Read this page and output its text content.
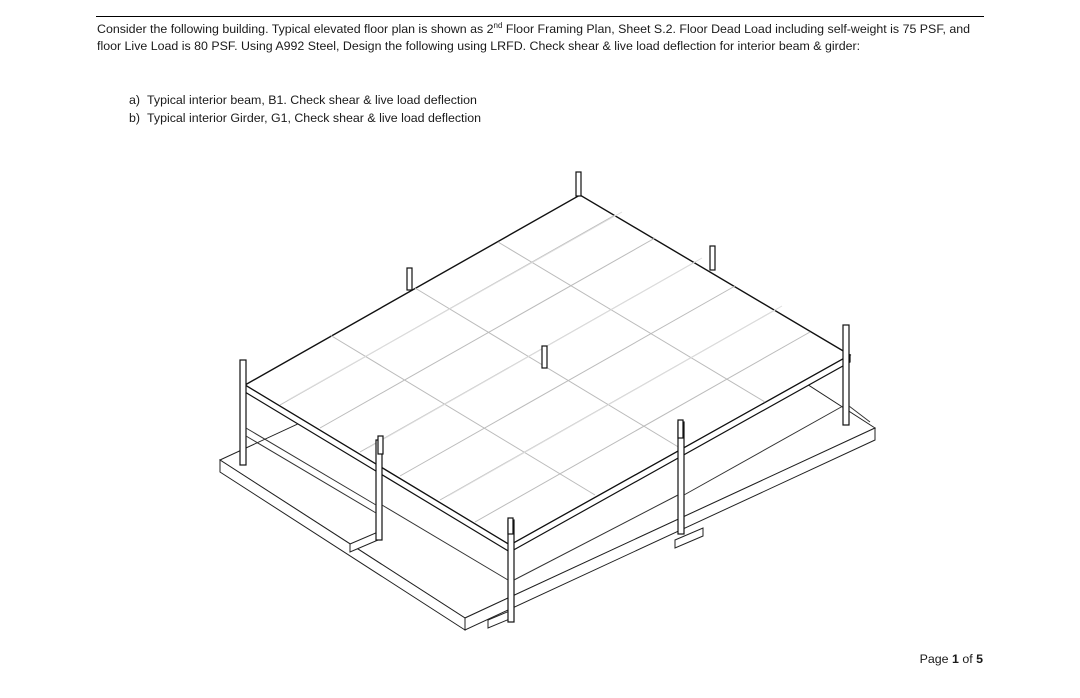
Consider the following building. Typical elevated floor plan is shown as 2nd Floor Framing Plan, Sheet S.2. Floor Dead Load including self-weight is 75 PSF, and floor Live Load is 80 PSF. Using A992 Steel, Design the following using LRFD. Check shear & live load deflection for interior beam & girder:

a) Typical interior beam, B1. Check shear & live load deflection
b) Typical interior Girder, G1, Check shear & live load deflection
Page 1 of 5
